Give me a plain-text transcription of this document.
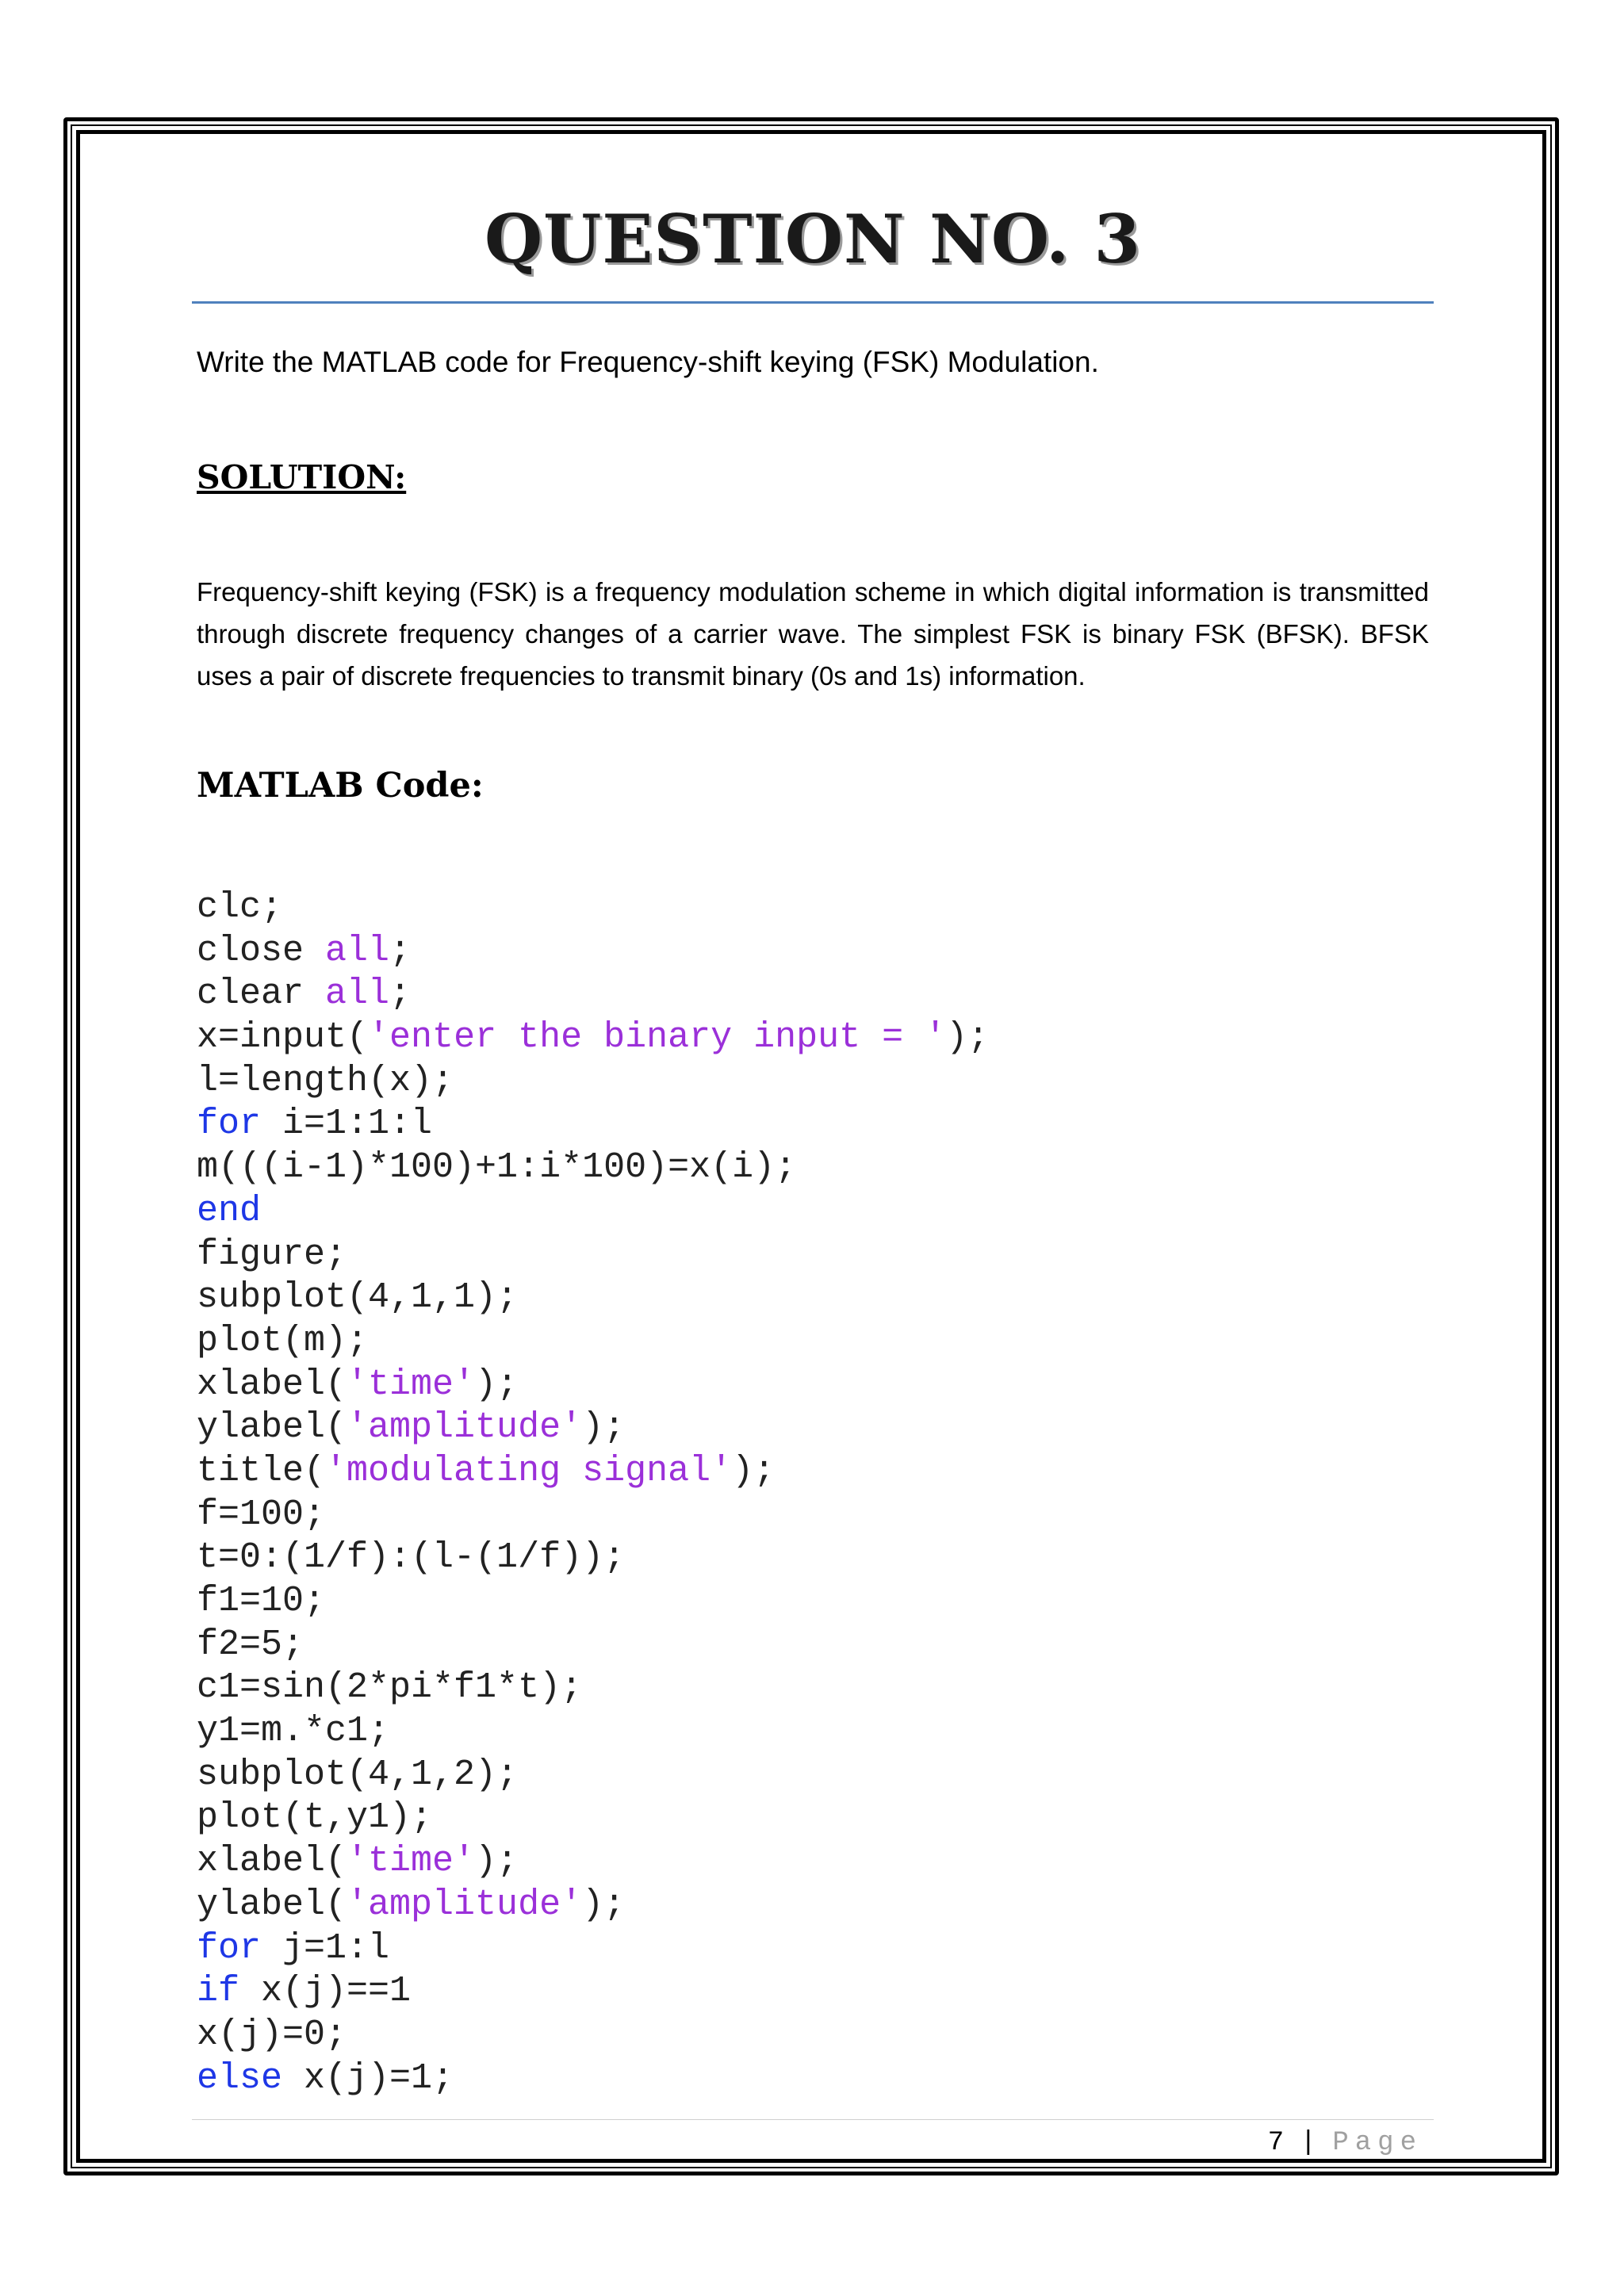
QUESTION NO. 3

Write the MATLAB code for Frequency-shift keying (FSK) Modulation.

SOLUTION:

Frequency-shift keying (FSK) is a frequency modulation scheme in which digital information is transmitted through discrete frequency changes of a carrier wave. The simplest FSK is binary FSK (BFSK). BFSK uses a pair of discrete frequencies to transmit binary (0s and 1s) information.

MATLAB Code:
clc;
close all;
clear all;
x=input('enter the binary input = ');
l=length(x);
for i=1:1:l
m(((i-1)*100)+1:i*100)=x(i);
end
figure;
subplot(4,1,1);
plot(m);
xlabel('time');
ylabel('amplitude');
title('modulating signal');
f=100;
t=0:(1/f):(l-(1/f));
f1=10;
f2=5;
c1=sin(2*pi*f1*t);
y1=m.*c1;
subplot(4,1,2);
plot(t,y1);
xlabel('time');
ylabel('amplitude');
for j=1:l
if x(j)==1
x(j)=0;
else x(j)=1;

7 | Page
